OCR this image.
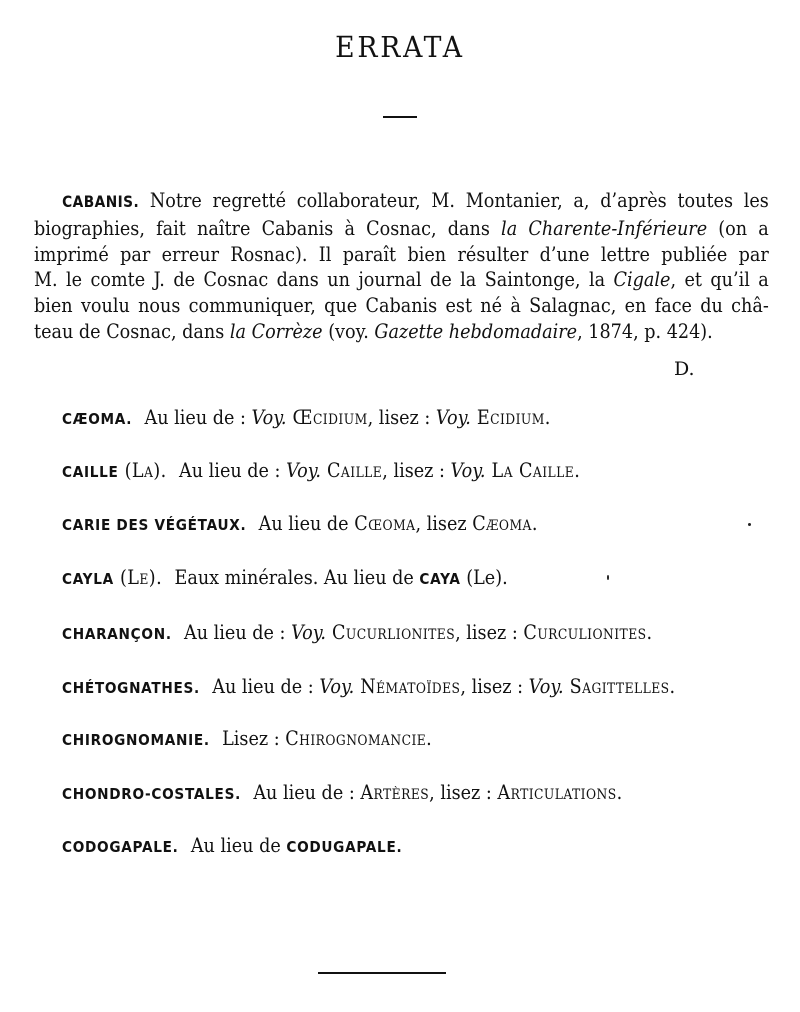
ERRATA
CABANIS. Notre regretté collaborateur, M. Montanier, a, d’après toutes les
biographies, fait naître Cabanis à Cosnac, dans la Charente-Inférieure (on a
imprimé par erreur Rosnac). Il paraît bien résulter d’une lettre publiée par
M. le comte J. de Cosnac dans un journal de la Saintonge, la Cigale, et qu’il a
bien voulu nous communiquer, que Cabanis est né à Salagnac, en face du châ-
teau de Cosnac, dans la Corrèze (voy. Gazette hebdomadaire, 1874, p. 424).
D.
CÆOMA. Au lieu de : Voy. Œcidium, lisez : Voy. Ecidium.
CAILLE (La). Au lieu de : Voy. Caille, lisez : Voy. La Caille.
CARIE DES VÉGÉTAUX. Au lieu de Cœoma, lisez Cæoma.
CAYLA (Le). Eaux minérales. Au lieu de CAYA (Le).
CHARANÇON. Au lieu de : Voy. Cucurlionites, lisez : Curculionites.
CHÉTOGNATHES. Au lieu de : Voy. Nématoïdes, lisez : Voy. Sagittelles.
CHIROGNOMANIE. Lisez : Chirognomancie.
CHONDRO-COSTALES. Au lieu de : Artères, lisez : Articulations.
CODOGAPALE. Au lieu de CODUGAPALE.
